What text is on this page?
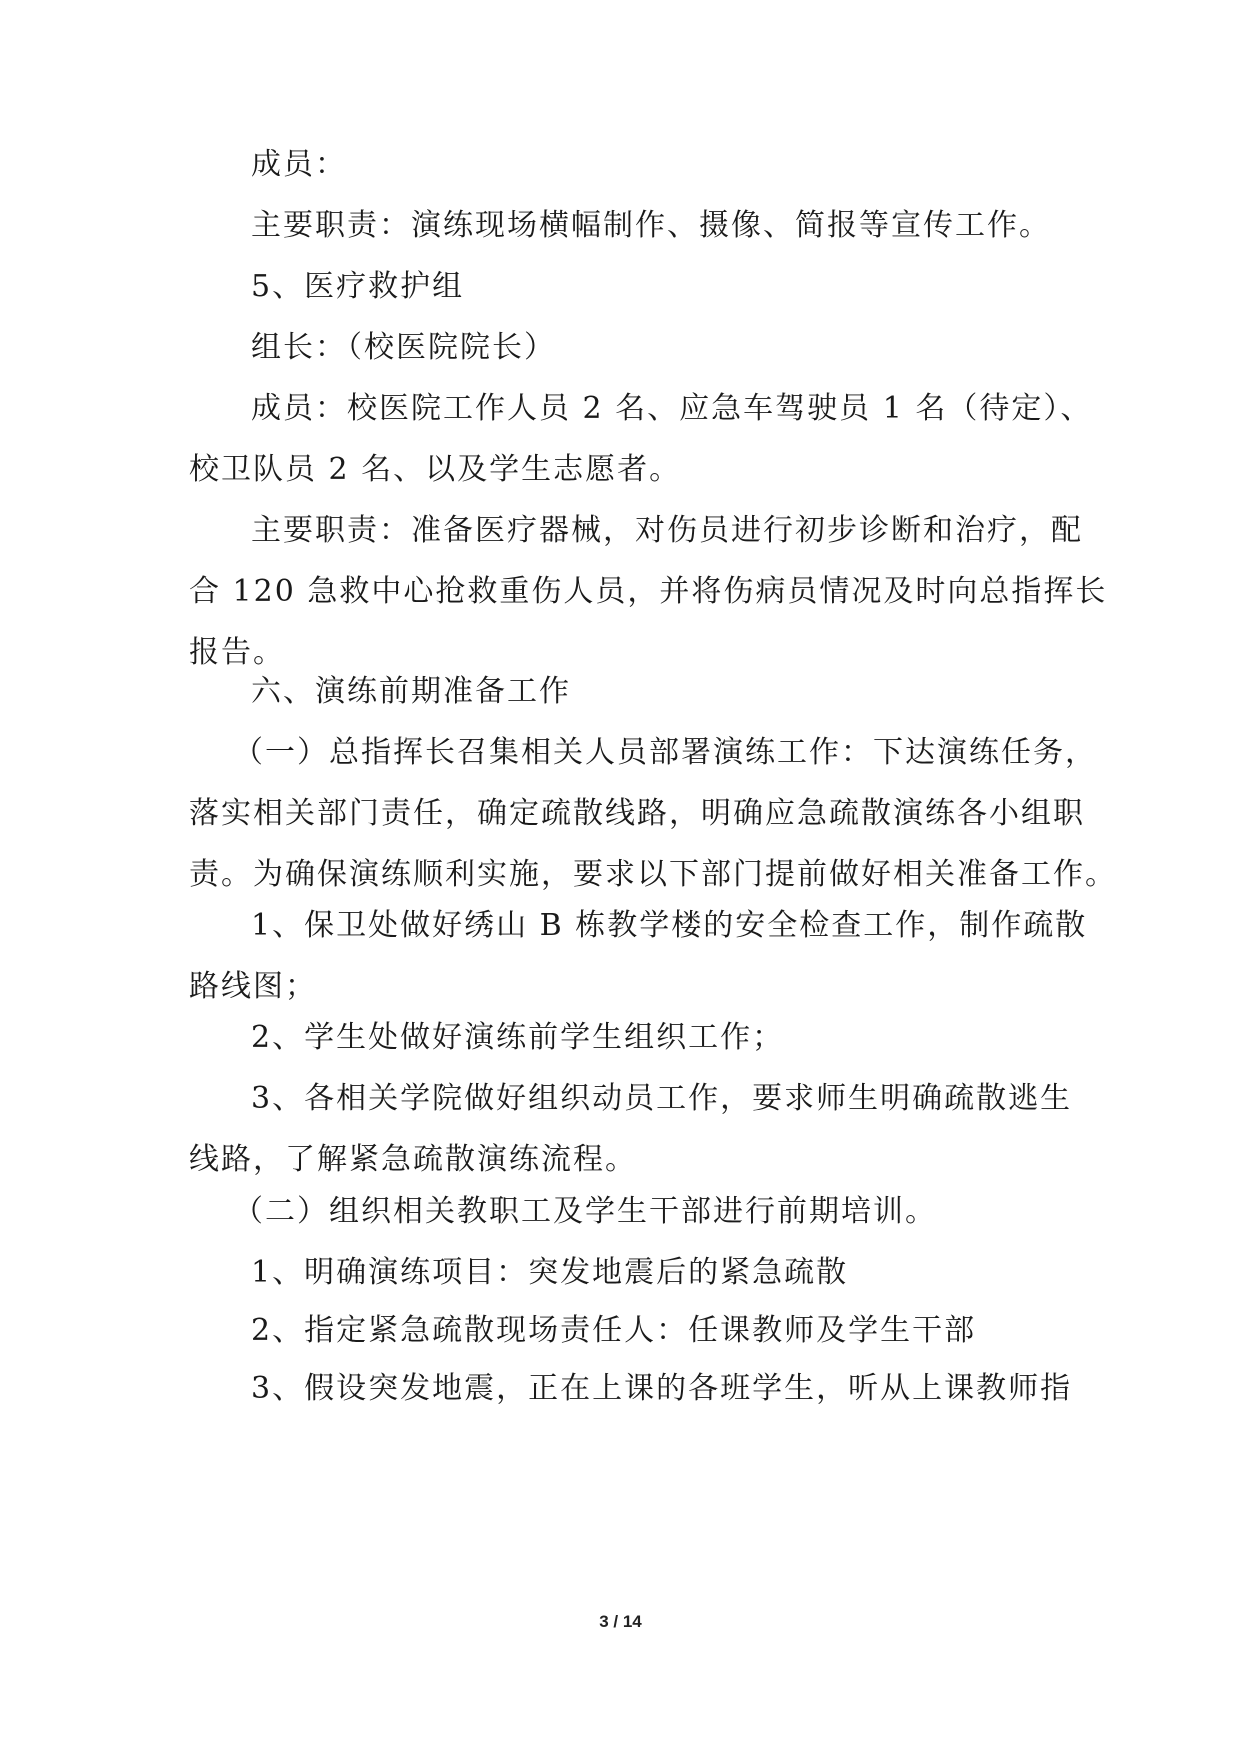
成员：

主要职责：演练现场横幅制作、摄像、简报等宣传工作。

5、医疗救护组

组长：（校医院院长）

成员：校医院工作人员 2 名、应急车驾驶员 1 名（待定）、
校卫队员 2 名、以及学生志愿者。

主要职责：准备医疗器械，对伤员进行初步诊断和治疗，配
合 120 急救中心抢救重伤人员，并将伤病员情况及时向总指挥长
报告。

六、演练前期准备工作

（一）总指挥长召集相关人员部署演练工作：下达演练任务，
落实相关部门责任，确定疏散线路，明确应急疏散演练各小组职
责。为确保演练顺利实施，要求以下部门提前做好相关准备工作。

1、保卫处做好绣山 B 栋教学楼的安全检查工作，制作疏散
路线图；

2、学生处做好演练前学生组织工作；

3、各相关学院做好组织动员工作，要求师生明确疏散逃生
线路，了解紧急疏散演练流程。

（二）组织相关教职工及学生干部进行前期培训。

1、明确演练项目：突发地震后的紧急疏散

2、指定紧急疏散现场责任人：任课教师及学生干部

3、假设突发地震，正在上课的各班学生，听从上课教师指

3 / 14
